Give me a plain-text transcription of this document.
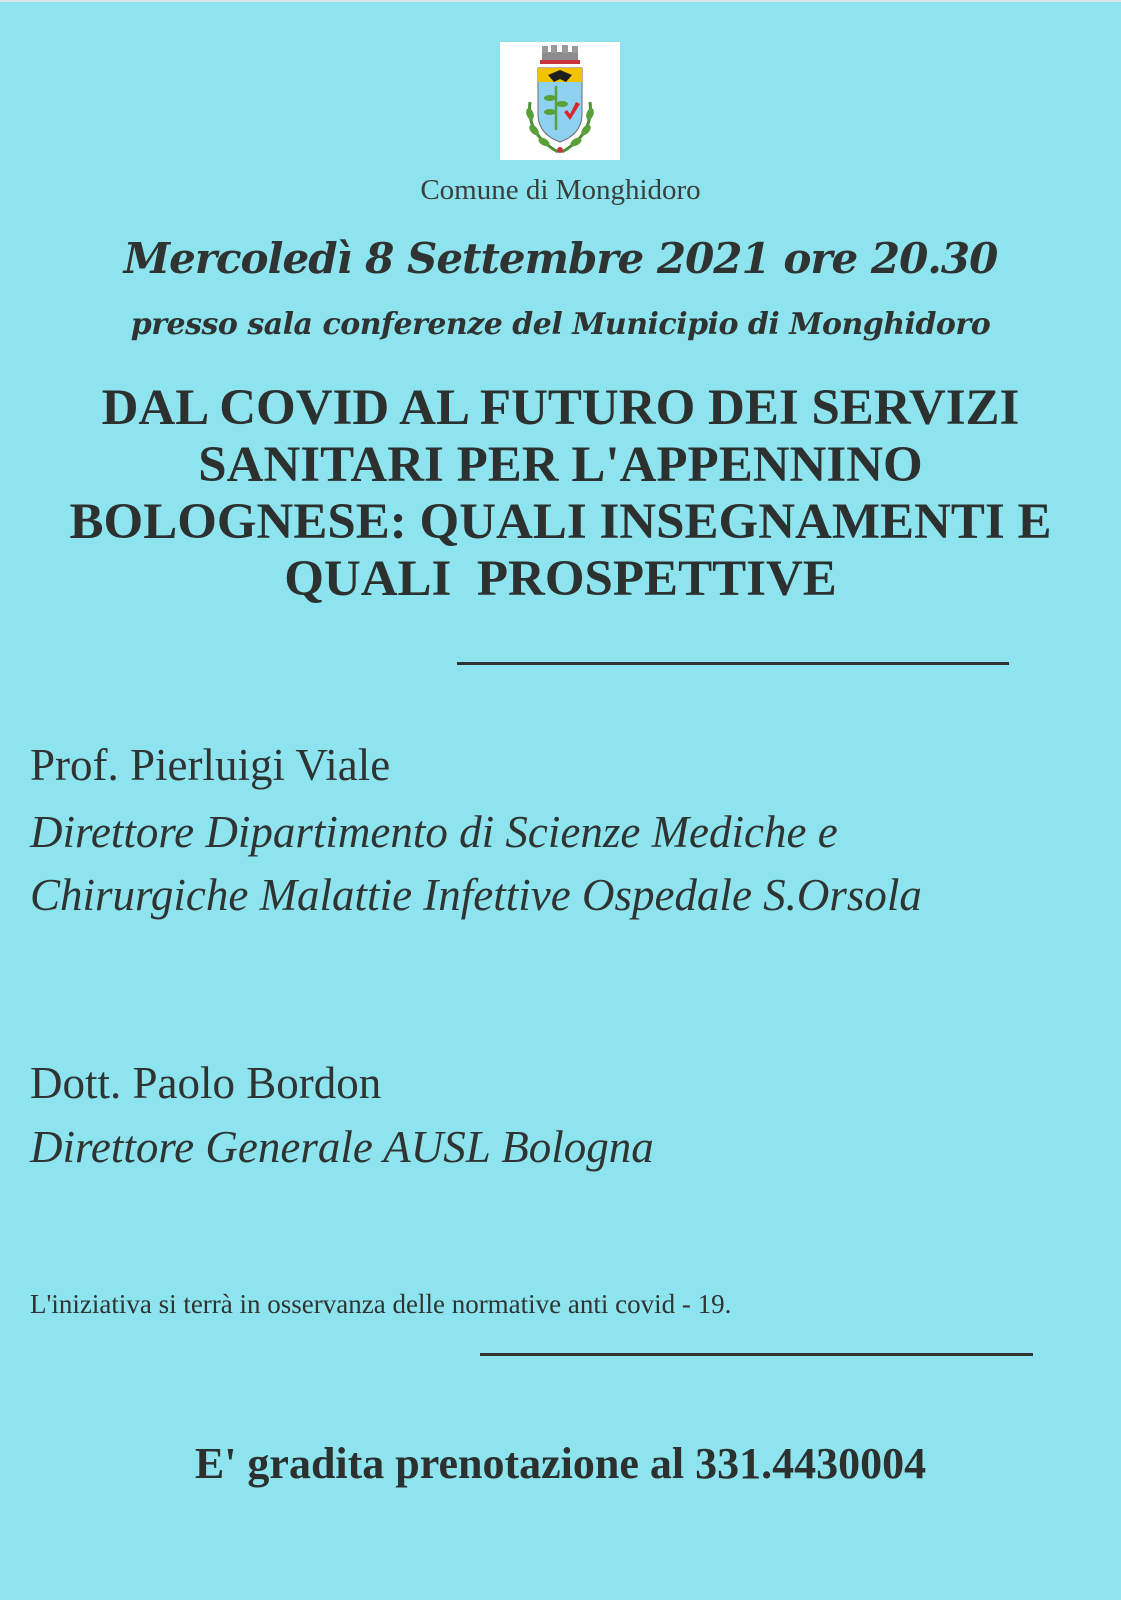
Comune di Monghidoro
Mercoledì 8 Settembre 2021 ore 20.30
presso sala conferenze del Municipio di Monghidoro
DAL COVID AL FUTURO DEI SERVIZI
SANITARI PER L'APPENNINO
BOLOGNESE: QUALI INSEGNAMENTI E
QUALI  PROSPETTIVE
Prof. Pierluigi Viale
Direttore Dipartimento di Scienze Mediche e
Chirurgiche Malattie Infettive Ospedale S.Orsola
Dott. Paolo Bordon
Direttore Generale AUSL Bologna
L'iniziativa si terrà in osservanza delle normative anti covid - 19.
E' gradita prenotazione al 331.4430004
